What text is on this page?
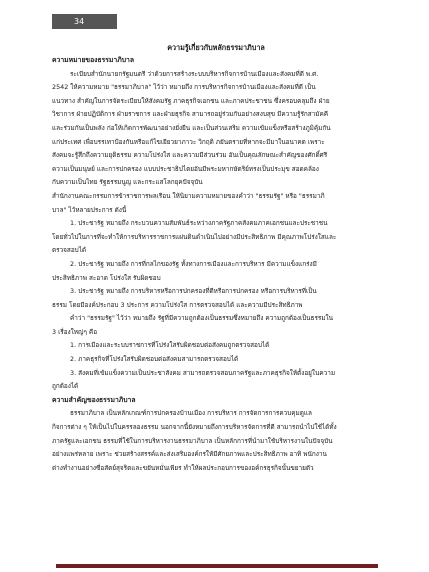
34

ความรู้เกี่ยวกับหลักธรรมาภิบาล

ความหมายของธรรมาภิบาล

ระเบียบสำนักนายกรัฐมนตรี ว่าด้วยการสร้างระบบบริหารกิจการบ้านเมืองและสังคมที่ดี พ.ศ.
2542 ให้ความหมาย "ธรรมาภิบาล" ไว้ว่า หมายถึง การบริหารกิจการบ้านเมืองและสังคมที่ดี เป็น
แนวทาง สำคัญในการจัดระเบียบให้สังคมรัฐ ภาคธุรกิจเอกชน และภาคประชาชน ซึ่งครอบคลุมถึง ฝ่าย
วิชาการ ฝ่ายปฏิบัติการ ฝ่ายราชการ และฝ่ายธุรกิจ สามารถอยู่ร่วมกันอย่างสงบสุข มีความรู้รักสามัคคี
และร่วมกันเป็นพลัง ก่อให้เกิดการพัฒนาอย่างยั่งยืน และเป็นส่วนเสริม ความเข้มแข็งหรือสร้างภูมิคุ้มกัน
แก่ประเทศ เพื่อบรรเทาป้องกันหรือแก้ไขเยียวยาภาวะ วิกฤติ ภยันตรายที่หากจะมีมาในอนาคต เพราะ
สังคมจะรู้สึกถึงความยุติธรรม ความโปร่งใส และความมีส่วนร่วม อันเป็นคุณลักษณะสำคัญของศักดิ์ศรี
ความเป็นมนุษย์ และการปกครอง แบบประชาธิปไตยอันมีพระมหากษัตริย์ทรงเป็นประมุข สอดคล้อง
กับความเป็นไทย รัฐธรรมนูญ และกระแสโลกยุคปัจจุบัน
สำนักงานคณะกรรมการข้าราชการพลเรือน ให้นิยามความหมายของคำว่า "ธรรมรัฐ" หรือ "ธรรมาภิ
บาล" ไว้หลายประการ ดังนี้
1. ประชารัฐ หมายถึง กระบวนความสัมพันธ์ระหว่างภาครัฐภาคสังคมภาคเอกชนและประชาชน
โดยทั่วไปในการที่จะทำให้การบริหารราชการแผ่นดินดำเนินไปอย่างมีประสิทธิภาพ มีคุณภาพโปร่งใสและ
ตรวจสอบได้
2. ประชารัฐ หมายถึง การที่กลไกของรัฐ ทั้งทางการเมืองและการบริหาร มีความแข็งแกร่งมี
ประสิทธิภาพ สะอาด โปร่งใส รับผิดชอบ
3. ประชารัฐ หมายถึง การบริหารหรือการปกครองที่ดีหรือการปกครอง หรือการบริหารที่เป็น
ธรรม โดยมีองค์ประกอบ 3 ประการ ความโปร่งใส การตรวจสอบได้ และความมีประสิทธิภาพ
คำว่า "ธรรมรัฐ" ไว้ว่า หมายถึง รัฐที่มีความถูกต้องเป็นธรรมซึ่งหมายถึง ความถูกต้องเป็นธรรมใน
3 เรื่องใหญ่ๆ คือ
1. การเมืองและระบบราชการที่โปร่งใสรับผิดชอบต่อสังคมถูกตรวจสอบได้
2. ภาคธุรกิจที่โปร่งใสรับผิดชอบต่อสังคมสามารถตรวจสอบได้
3. สังคมที่เข้มแข็งความเป็นประชาสังคม สามารถตรวจสอบภาครัฐและภาคธุรกิจให้ตั้งอยู่ในความ
ถูกต้องได้

ความสำคัญของธรรมาภิบาล

ธรรมาภิบาล เป็นหลักเกณฑ์การปกครองบ้านเมือง การบริหาร การจัดการการควบคุมดูแล
กิจการต่าง ๆ ให้เป็นไปในครรลองธรรม นอกจากนี้ยังหมายถึงการบริหารจัดการที่ดี สามารถนำไปใช้ได้ทั้ง
ภาครัฐและเอกชน ธรรมที่ใช้ในการบริหารงานธรรมาภิบาล เป็นหลักการที่นำมาใช้บริหารงานในปัจจุบัน
อย่างแพร่หลาย เพราะ ช่วยสร้างสรรค์และส่งเสริมองค์กรให้มีศักยภาพและประสิทธิภาพ อาทิ พนักงาน
ต่างทำงานอย่างซื่อสัตย์สุจริตและขยันหมั่นเพียร ทำให้ผลประกอบการของอค์กรธุรกิจนั้นขยายตัว
